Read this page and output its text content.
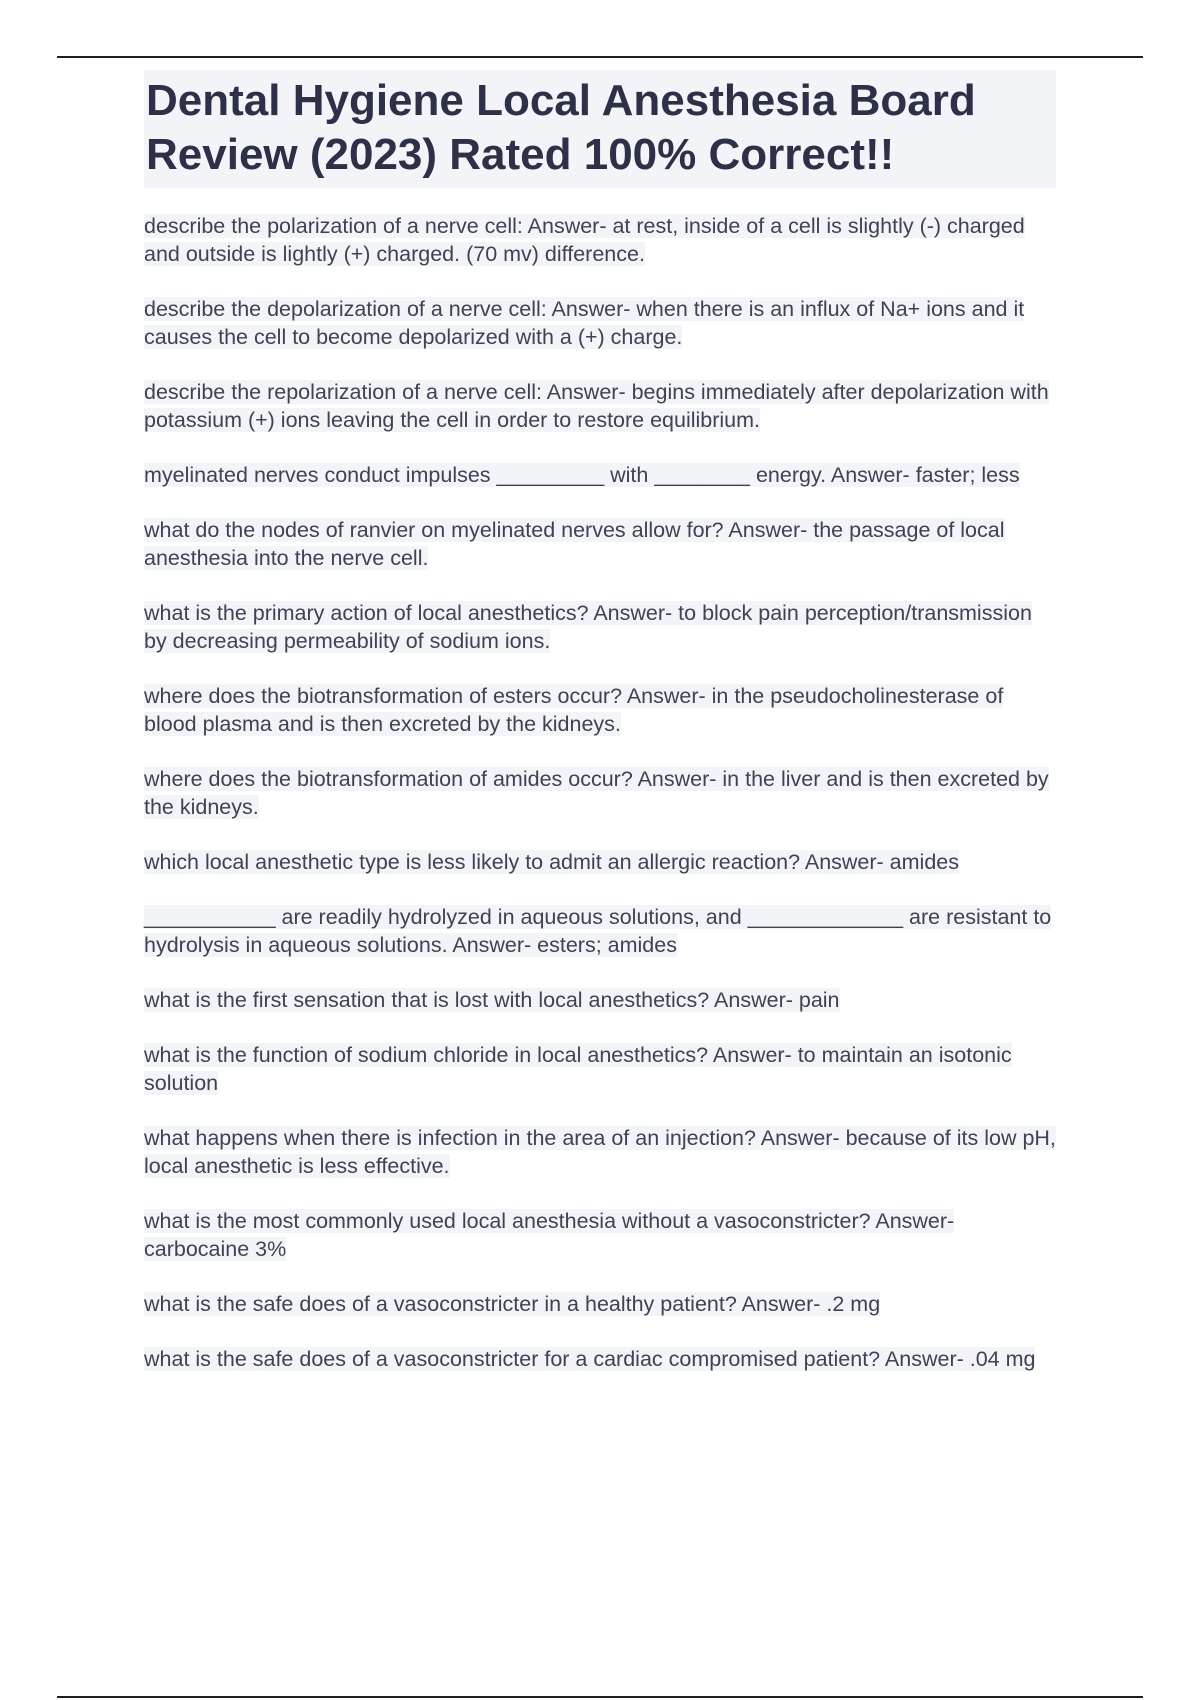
Dental Hygiene Local Anesthesia Board Review (2023) Rated 100% Correct!!
describe the polarization of a nerve cell: Answer- at rest, inside of a cell is slightly (-) charged and outside is lightly (+) charged. (70 mv) difference.
describe the depolarization of a nerve cell: Answer- when there is an influx of Na+ ions and it causes the cell to become depolarized with a (+) charge.
describe the repolarization of a nerve cell: Answer- begins immediately after depolarization with potassium (+) ions leaving the cell in order to restore equilibrium.
myelinated nerves conduct impulses _________ with ________ energy. Answer- faster; less
what do the nodes of ranvier on myelinated nerves allow for? Answer- the passage of local anesthesia into the nerve cell.
what is the primary action of local anesthetics? Answer- to block pain perception/transmission by decreasing permeability of sodium ions.
where does the biotransformation of esters occur? Answer- in the pseudocholinesterase of blood plasma and is then excreted by the kidneys.
where does the biotransformation of amides occur? Answer- in the liver and is then excreted by the kidneys.
which local anesthetic type is less likely to admit an allergic reaction? Answer- amides
___________ are readily hydrolyzed in aqueous solutions, and _____________ are resistant to hydrolysis in aqueous solutions. Answer- esters; amides
what is the first sensation that is lost with local anesthetics? Answer- pain
what is the function of sodium chloride in local anesthetics? Answer- to maintain an isotonic solution
what happens when there is infection in the area of an injection? Answer- because of its low pH, local anesthetic is less effective.
what is the most commonly used local anesthesia without a vasoconstricter? Answer- carbocaine 3%
what is the safe does of a vasoconstricter in a healthy patient? Answer- .2 mg
what is the safe does of a vasoconstricter for a cardiac compromised patient? Answer- .04 mg
